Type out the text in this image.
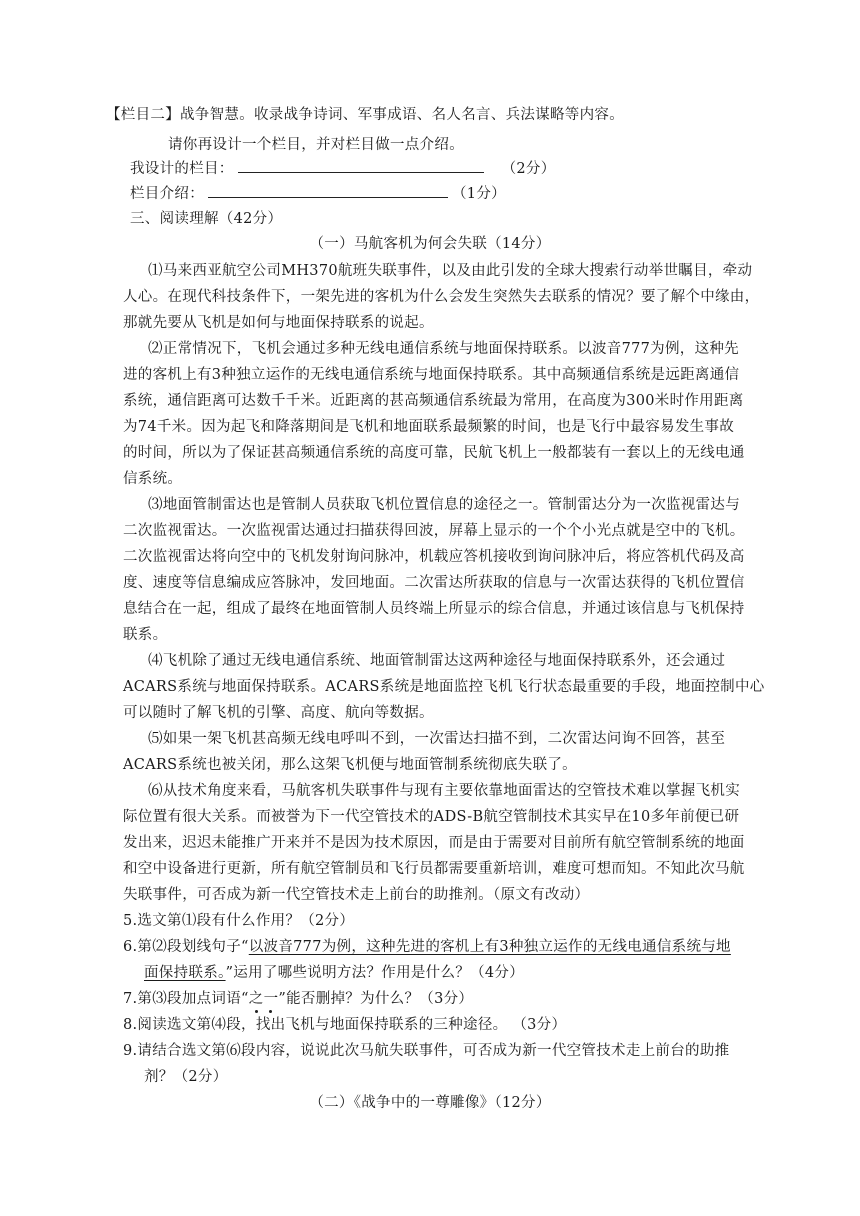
【栏目二】战争智慧。收录战争诗词、军事成语、名人名言、兵法谋略等内容。
请你再设计一个栏目，并对栏目做一点介绍。
我设计的栏目：	（2分）
栏目介绍：	（1分）
三、阅读理解（42分）
（一）马航客机为何会失联（14分）
⑴马来西亚航空公司MH370航班失联事件，以及由此引发的全球大搜索行动举世瞩目，牵动
人心。在现代科技条件下，一架先进的客机为什么会发生突然失去联系的情况？要了解个中缘由，
那就先要从飞机是如何与地面保持联系的说起。
⑵正常情况下，飞机会通过多种无线电通信系统与地面保持联系。以波音777为例，这种先
进的客机上有3种独立运作的无线电通信系统与地面保持联系。其中高频通信系统是远距离通信
系统，通信距离可达数千千米。近距离的甚高频通信系统最为常用，在高度为300米时作用距离
为74千米。因为起飞和降落期间是飞机和地面联系最频繁的时间，也是飞行中最容易发生事故
的时间，所以为了保证甚高频通信系统的高度可靠，民航飞机上一般都装有一套以上的无线电通
信系统。
⑶地面管制雷达也是管制人员获取飞机位置信息的途径之一。管制雷达分为一次监视雷达与
二次监视雷达。一次监视雷达通过扫描获得回波，屏幕上显示的一个个小光点就是空中的飞机。
二次监视雷达将向空中的飞机发射询问脉冲，机载应答机接收到询问脉冲后，将应答机代码及高
度、速度等信息编成应答脉冲，发回地面。二次雷达所获取的信息与一次雷达获得的飞机位置信
息结合在一起，组成了最终在地面管制人员终端上所显示的综合信息，并通过该信息与飞机保持
联系。
⑷飞机除了通过无线电通信系统、地面管制雷达这两种途径与地面保持联系外，还会通过
ACARS系统与地面保持联系。ACARS系统是地面监控飞机飞行状态最重要的手段，地面控制中心
可以随时了解飞机的引擎、高度、航向等数据。
⑸如果一架飞机甚高频无线电呼叫不到，一次雷达扫描不到，二次雷达问询不回答，甚至
ACARS系统也被关闭，那么这架飞机便与地面管制系统彻底失联了。
⑹从技术角度来看，马航客机失联事件与现有主要依靠地面雷达的空管技术难以掌握飞机实
际位置有很大关系。而被誉为下一代空管技术的ADS-B航空管制技术其实早在10多年前便已研
发出来，迟迟未能推广开来并不是因为技术原因，而是由于需要对目前所有航空管制系统的地面
和空中设备进行更新，所有航空管制员和飞行员都需要重新培训，难度可想而知。不知此次马航
失联事件，可否成为新一代空管技术走上前台的助推剂。（原文有改动）
5.选文第⑴段有什么作用？（2分）
6.第⑵段划线句子“以波音777为例，这种先进的客机上有3种独立运作的无线电通信系统与地
面保持联系。”运用了哪些说明方法？作用是什么？（4分）
7.第⑶段加点词语“之
一
”能否删掉？为什么？（3分）
8.阅读选文第⑷段，找出飞机与地面保持联系的三种途径。 （3分）
9.请结合选文第⑹段内容，说说此次马航失联事件，可否成为新一代空管技术走上前台的助推
剂？（2分）
（二）《战争中的一尊雕像》（12分）
